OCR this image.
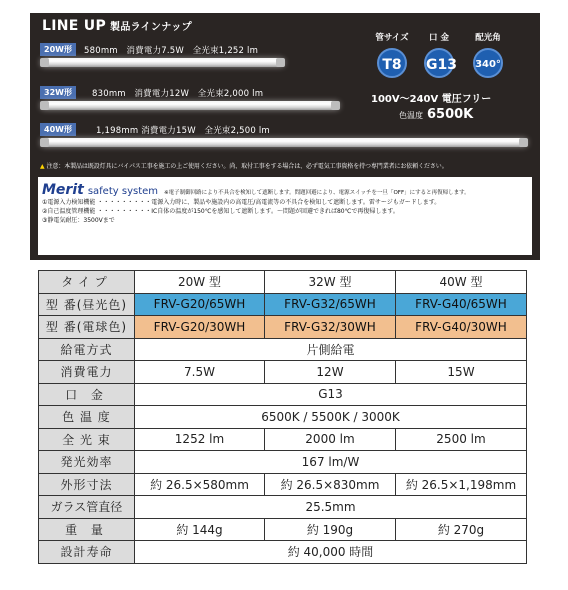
LINE UP 製品ラインナップ
20W形	580mm　消費電力7.5W　全光束1,252 lm
32W形	830mm　消費電力12W　全光束2,000 lm
40W形	1,198mm 消費電力15W　全光束2,500 lm
管サイズ
T8
口 金
G13
配光角
340°
100V〜240V 電圧フリー
色温度 6500K
▲ 注意：本製品は既設灯具にバイパス工事を施工の上ご使用ください。尚、取付工事をする場合は、必ず電気工事資格を持つ専門業者にお依頼ください。
Merit safety system ※電子制御回路により不具合を検知して遮断します。問題回避により、電源スイッチを一旦「OFF」にすると再復帰します。
①電源入力検知機能 ・・・・・・・・・電源入力時に、製品や施設内の高電圧/高電流等の不具合を検知して遮断します。雷サージもガードします。
②自己温度管理機能 ・・・・・・・・・IC自体の温度が150℃を感知して遮断します。〜問題が回避できれば80℃で再復帰します。
③静電気耐圧：3500Vまで
タイプ	20W 型	32W 型	40W 型
型 番(昼光色)	FRV-G20/65WH	FRV-G32/65WH	FRV-G40/65WH
型 番(電球色)	FRV-G20/30WH	FRV-G32/30WH	FRV-G40/30WH
給電方式	片側給電		
消費電力	7.5W	12W	15W
口 金	G13		
色 温 度	6500K / 5500K / 3000K		
全 光 束	1252 lm	2000 lm	2500 lm
発光効率	167 lm/W		
外形寸法	約 26.5×580mm	約 26.5×830mm	約 26.5×1,198mm
ガラス管直径	25.5mm		
重 量	約 144g	約 190g	約 270g
設計寿命	約 40,000 時間		
